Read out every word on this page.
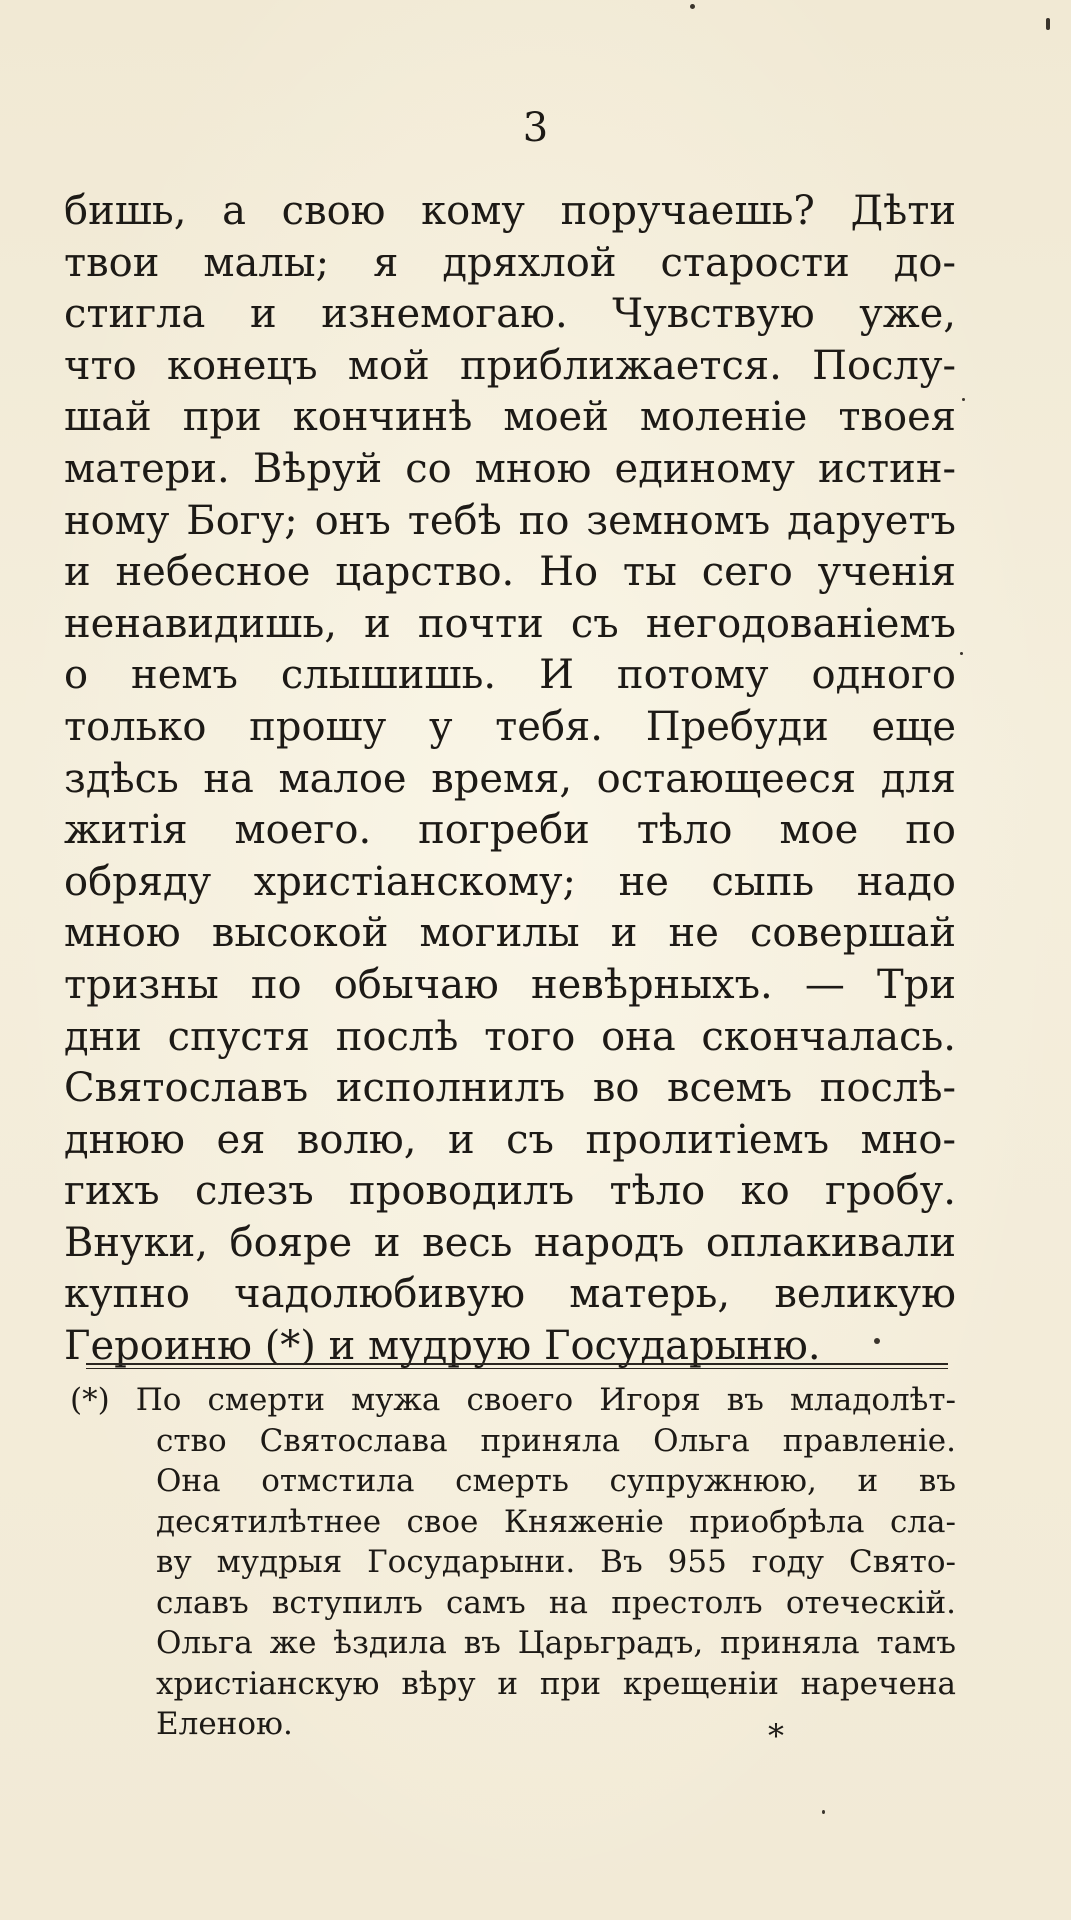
3
бишь, а свою кому поручаешь? Дѣти
твои малы; я дряхлой старости до-
стигла и изнемогаю. Чувствую уже,
что конецъ мой приближается. Послу-
шай при кончинѣ моей моленіе твоея
матери. Вѣруй со мною единому истин-
ному Богу; онъ тебѣ по земномъ даруетъ
и небесное царство. Но ты сего ученія
ненавидишь, и почти съ негодованіемъ
о немъ слышишь. И потому одного
только прошу у тебя. Пребуди еще
здѣсь на малое время, остающееся для
житія моего. погреби тѣло мое по
обряду христіанскому; не сыпь надо
мною высокой могилы и не совершай
тризны по обычаю невѣрныхъ. — Три
дни спустя послѣ того она скончалась.
Святославъ исполнилъ во всемъ послѣ-
днюю ея волю, и съ пролитіемъ мно-
гихъ слезъ проводилъ тѣло ко гробу.
Внуки, бояре и весь народъ оплакивали
купно чадолюбивую матерь, великую
Героиню (*) и мудрую Государыню.
(*) По смерти мужа своего Игоря въ младолѣт-
ство Святослава приняла Ольга правленіе.
Она отмстила смерть супружнюю, и въ
десятилѣтнее свое Княженіе приобрѣла сла-
ву мудрыя Государыни. Въ 955 году Свято-
славъ вступилъ самъ на престолъ отеческій.
Ольга же ѣздила въ Царьградъ, приняла тамъ
христіанскую вѣру и при крещеніи наречена
Еленою.	*
